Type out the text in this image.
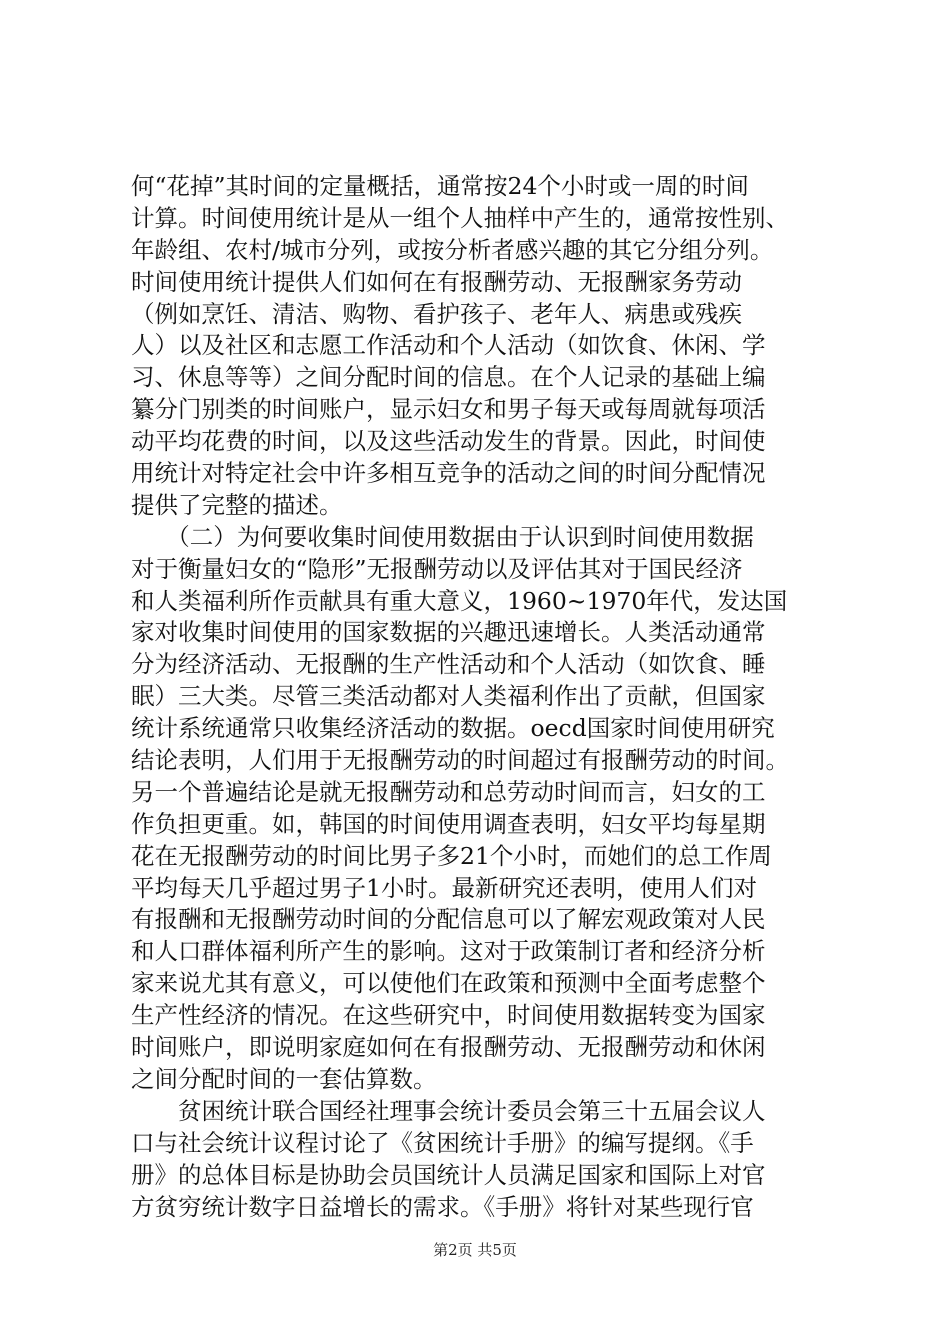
何“花掉”其时间的定量概括，通常按24个小时或一周的时间
计算。时间使用统计是从一组个人抽样中产生的，通常按性别、
年龄组、农村/城市分列，或按分析者感兴趣的其它分组分列。
时间使用统计提供人们如何在有报酬劳动、无报酬家务劳动
（例如烹饪、清洁、购物、看护孩子、老年人、病患或残疾
人）以及社区和志愿工作活动和个人活动（如饮食、休闲、学
习、休息等等）之间分配时间的信息。在个人记录的基础上编
纂分门别类的时间账户，显示妇女和男子每天或每周就每项活
动平均花费的时间，以及这些活动发生的背景。因此，时间使
用统计对特定社会中许多相互竞争的活动之间的时间分配情况
提供了完整的描述。
　　（二）为何要收集时间使用数据由于认识到时间使用数据
对于衡量妇女的“隐形”无报酬劳动以及评估其对于国民经济
和人类福利所作贡献具有重大意义，1960~1970年代，发达国
家对收集时间使用的国家数据的兴趣迅速增长。人类活动通常
分为经济活动、无报酬的生产性活动和个人活动（如饮食、睡
眠）三大类。尽管三类活动都对人类福利作出了贡献，但国家
统计系统通常只收集经济活动的数据。oecd国家时间使用研究
结论表明，人们用于无报酬劳动的时间超过有报酬劳动的时间。
另一个普遍结论是就无报酬劳动和总劳动时间而言，妇女的工
作负担更重。如，韩国的时间使用调查表明，妇女平均每星期
花在无报酬劳动的时间比男子多21个小时，而她们的总工作周
平均每天几乎超过男子1小时。最新研究还表明，使用人们对
有报酬和无报酬劳动时间的分配信息可以了解宏观政策对人民
和人口群体福利所产生的影响。这对于政策制订者和经济分析
家来说尤其有意义，可以使他们在政策和预测中全面考虑整个
生产性经济的情况。在这些研究中，时间使用数据转变为国家
时间账户，即说明家庭如何在有报酬劳动、无报酬劳动和休闲
之间分配时间的一套估算数。
　　贫困统计联合国经社理事会统计委员会第三十五届会议人
口与社会统计议程讨论了《贫困统计手册》的编写提纲。《手
册》的总体目标是协助会员国统计人员满足国家和国际上对官
方贫穷统计数字日益增长的需求。《手册》将针对某些现行官
第2页 共5页
